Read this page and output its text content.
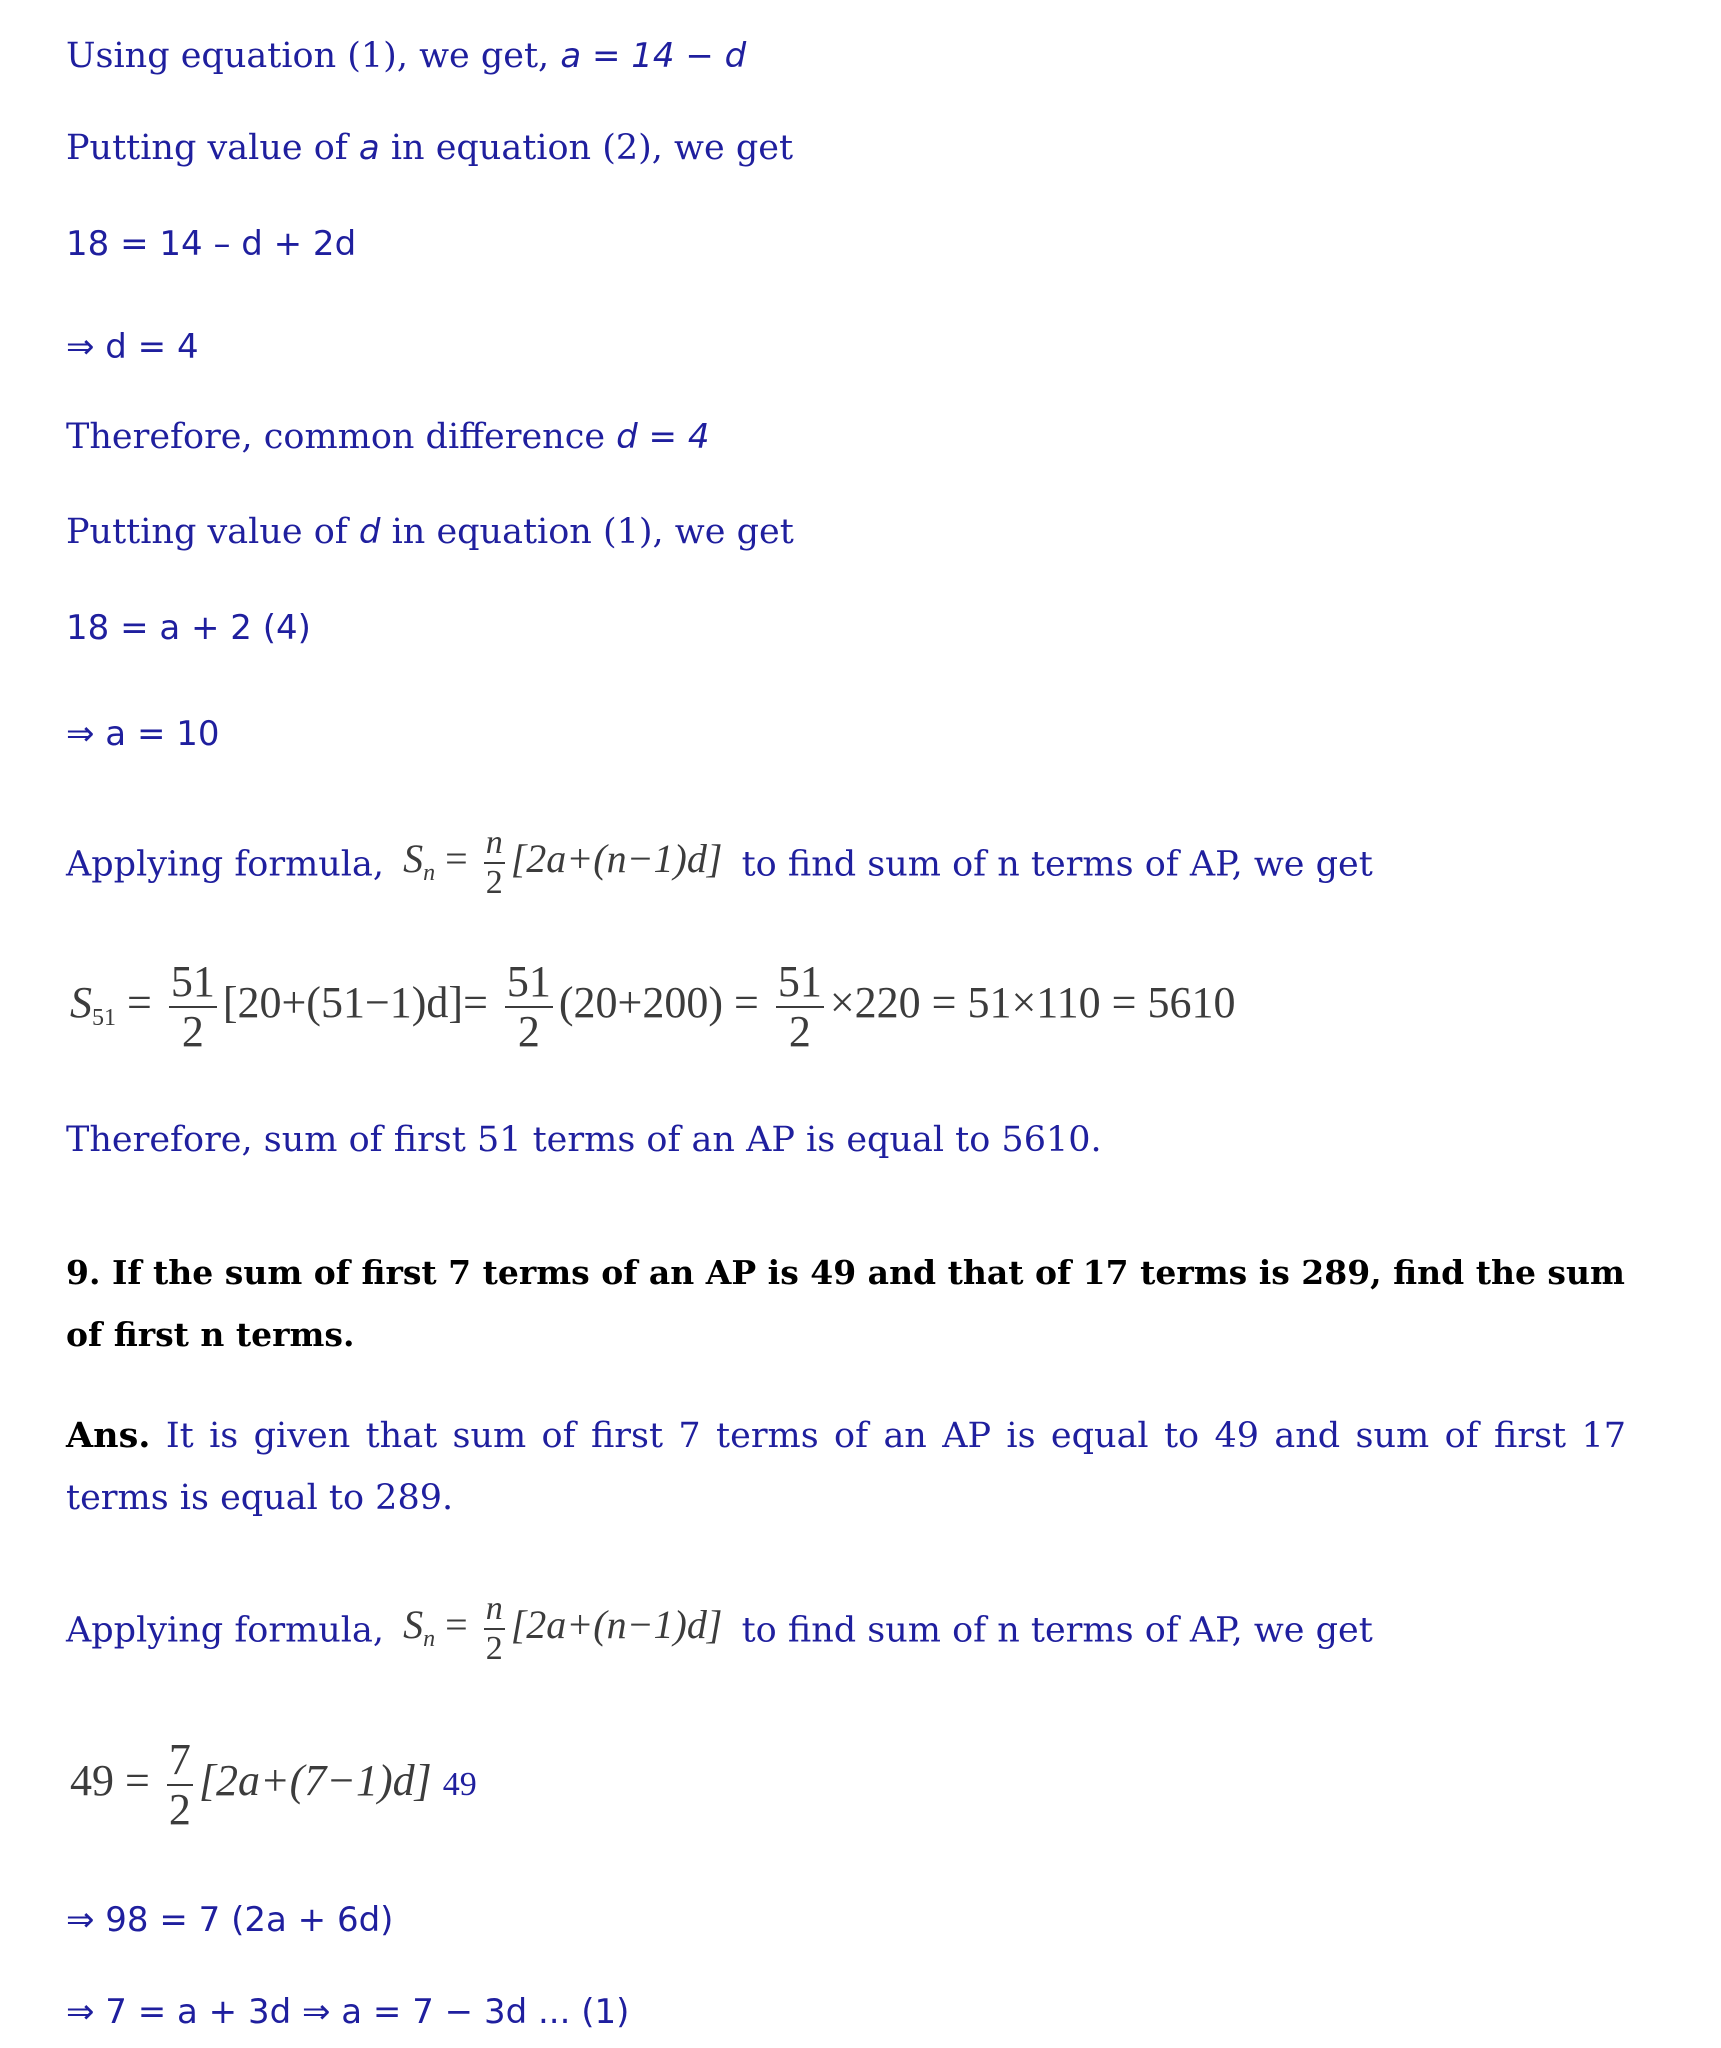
Using equation (1), we get, a = 14 − d
Putting value of a in equation (2), we get
18 = 14 – d + 2d
⇒ d = 4
Therefore, common difference d = 4
Putting value of d in equation (1), we get
18 = a + 2 (4)
⇒ a = 10
Applying formula, $S_n = \frac{n}{2} [2a+(n-1)d]$ to find sum of n terms of AP, we get
$S_{51} = \frac{51}{2} [20+(51-1)d]= \frac{51}{2} (20+200) = \frac{51}{2} \times 220 = 51\times 110 = 5610$
Therefore, sum of first 51 terms of an AP is equal to 5610.
9. If the sum of first 7 terms of an AP is 49 and that of 17 terms is 289, find the sum of first n terms.
Ans. It is given that sum of first 7 terms of an AP is equal to 49 and sum of first 17 terms is equal to 289.
Applying formula, $S_n = \frac{n}{2} [2a+(n-1)d]$ to find sum of n terms of AP, we get
$49 = \frac{7}{2} [2a+(7-1)d]$ 49
⇒ 98 = 7 (2a + 6d)
⇒ 7 = a + 3d ⇒ a = 7 − 3d ... (1)
